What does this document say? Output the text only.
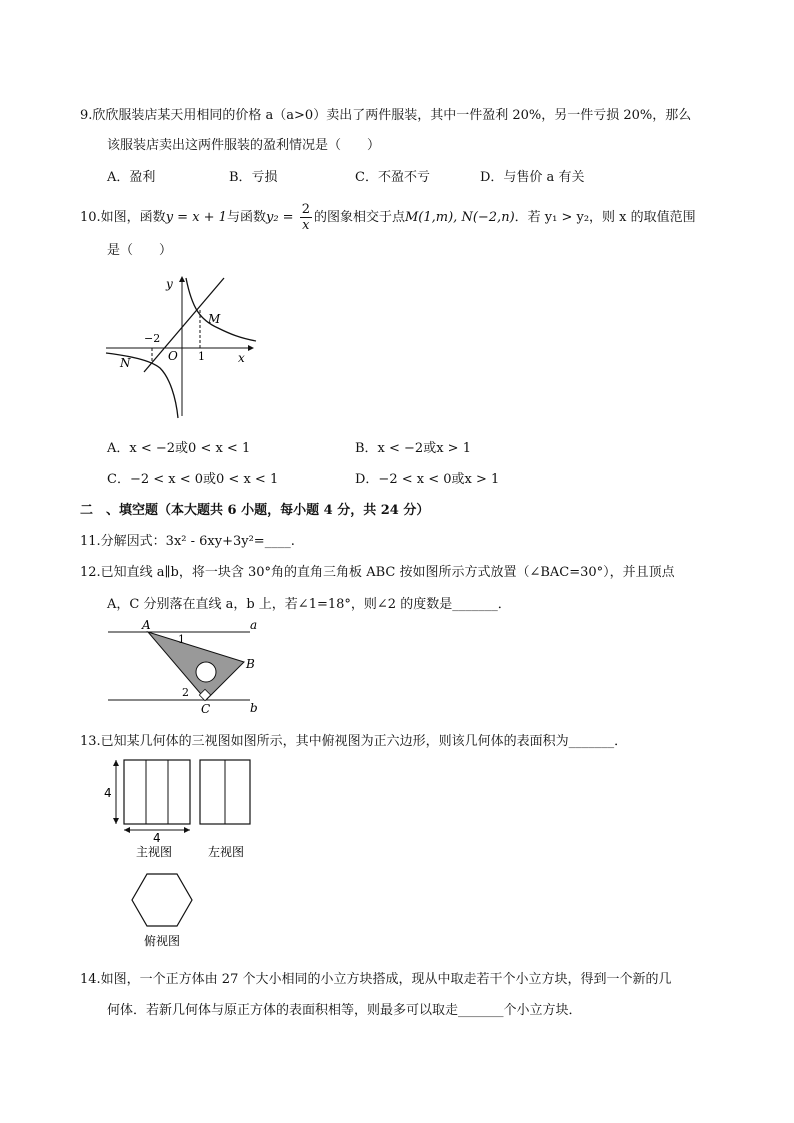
9.欣欣服装店某天用相同的价格 a（a>0）卖出了两件服装，其中一件盈利 20%，另一件亏损 20%，那么
该服装店卖出这两件服装的盈利情况是（　　）
A．盈利	B．亏损	C．不盈不亏	D．与售价 a 有关
10.如图，函数y = x + 1与函数$y_2 = \frac{2}{x}$ 的图象相交于点M(1,m), N(−2,n)．若 y₁ > y₂，则 x 的取值范围
是（　　）
y
x
O
−2
1
M
N
A．x < −2或0 < x < 1	B．x < −2或x > 1
C．−2 < x < 0或0 < x < 1	D．−2 < x < 0或x > 1
二　、填空题（本大题共 6 小题，每小题 4 分，共 24 分）
11.分解因式：3x² - 6xy+3y²=____.
12.已知直线 a∥b，将一块含 30°角的直角三角板 ABC 按如图所示方式放置（∠BAC=30°），并且顶点
A，C 分别落在直线 a，b 上，若∠1=18°，则∠2 的度数是_______．
A
B
C
a
b
1
2
13.已知某几何体的三视图如图所示，其中俯视图为正六边形，则该几何体的表面积为_______．
4
4
主视图	左视图
俯视图
14.如图，一个正方体由 27 个大小相同的小立方块搭成，现从中取走若干个小立方块，得到一个新的几
何体．若新几何体与原正方体的表面积相等，则最多可以取走_______个小立方块．
